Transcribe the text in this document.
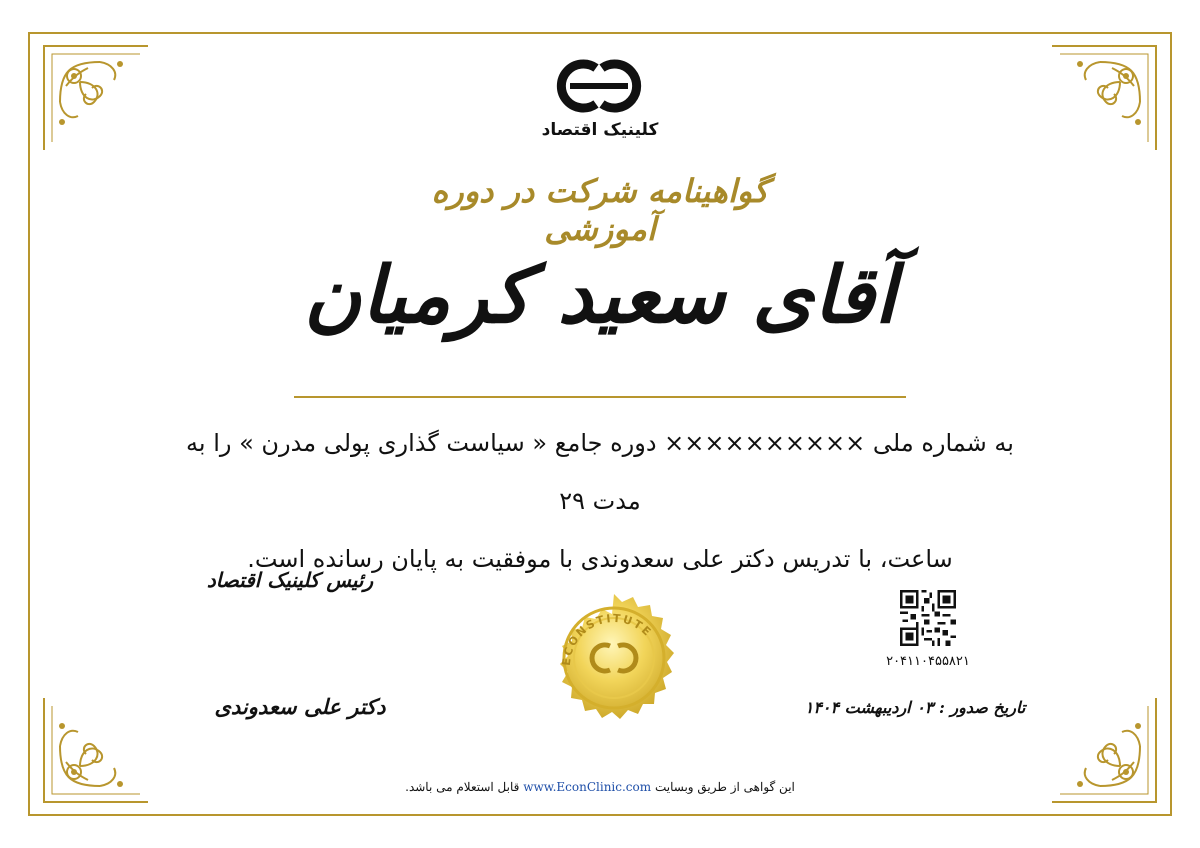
کلینیک اقتصاد
گواهینامه شرکت در دوره آموزشی
آقای سعید کرمیان
به شماره ملی ×××××××××× دوره جامع « سیاست گذاری پولی مدرن » را به مدت ۲۹
ساعت، با تدریس دکتر علی سعدوندی با موفقیت به پایان رسانده است.
رئیس کلینیک اقتصاد
دکتر علی سعدوندی
ECONSTITUTE
۲۰۴۱۱۰۴۵۵۸۲۱
تاریخ صدور : ۰۳ اردیبهشت ۱۴۰۴
این گواهی از طریق وبسایت www.EconClinic.com قابل استعلام می باشد.
